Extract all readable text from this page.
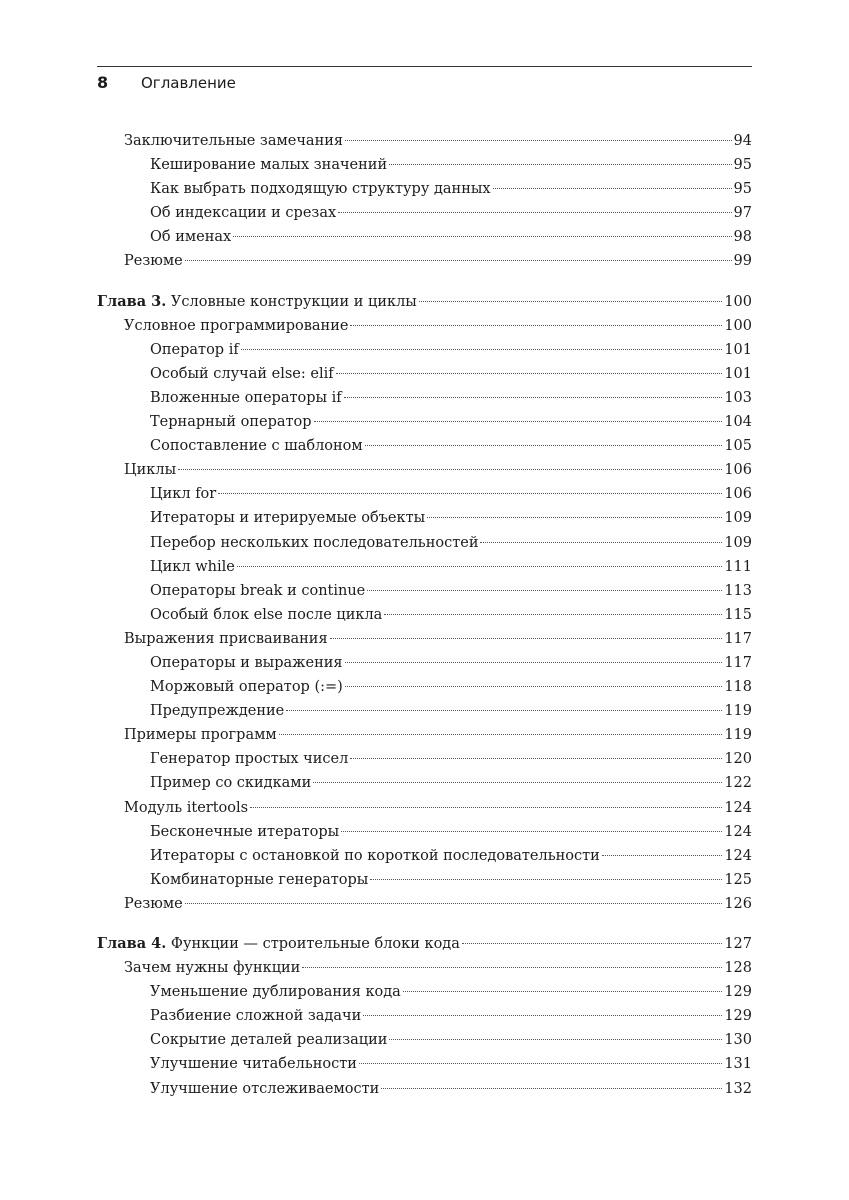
8 Оглавление
Заключительные замечания	94
Кеширование малых значений	95
Как выбрать подходящую структуру данных	95
Об индексации и срезах	97
Об именах	98
Резюме	99
Глава 3. Условные конструкции и циклы	100
Условное программирование	100
Оператор if	101
Особый случай else: elif	101
Вложенные операторы if	103
Тернарный оператор	104
Сопоставление с шаблоном	105
Циклы	106
Цикл for	106
Итераторы и итерируемые объекты	109
Перебор нескольких последовательностей	109
Цикл while	111
Операторы break и continue	113
Особый блок else после цикла	115
Выражения присваивания	117
Операторы и выражения	117
Моржовый оператор (:=)	118
Предупреждение	119
Примеры программ	119
Генератор простых чисел	120
Пример со скидками	122
Модуль itertools	124
Бесконечные итераторы	124
Итераторы с остановкой по короткой последовательности	124
Комбинаторные генераторы	125
Резюме	126
Глава 4. Функции — строительные блоки кода	127
Зачем нужны функции	128
Уменьшение дублирования кода	129
Разбиение сложной задачи	129
Сокрытие деталей реализации	130
Улучшение читабельности	131
Улучшение отслеживаемости	132
